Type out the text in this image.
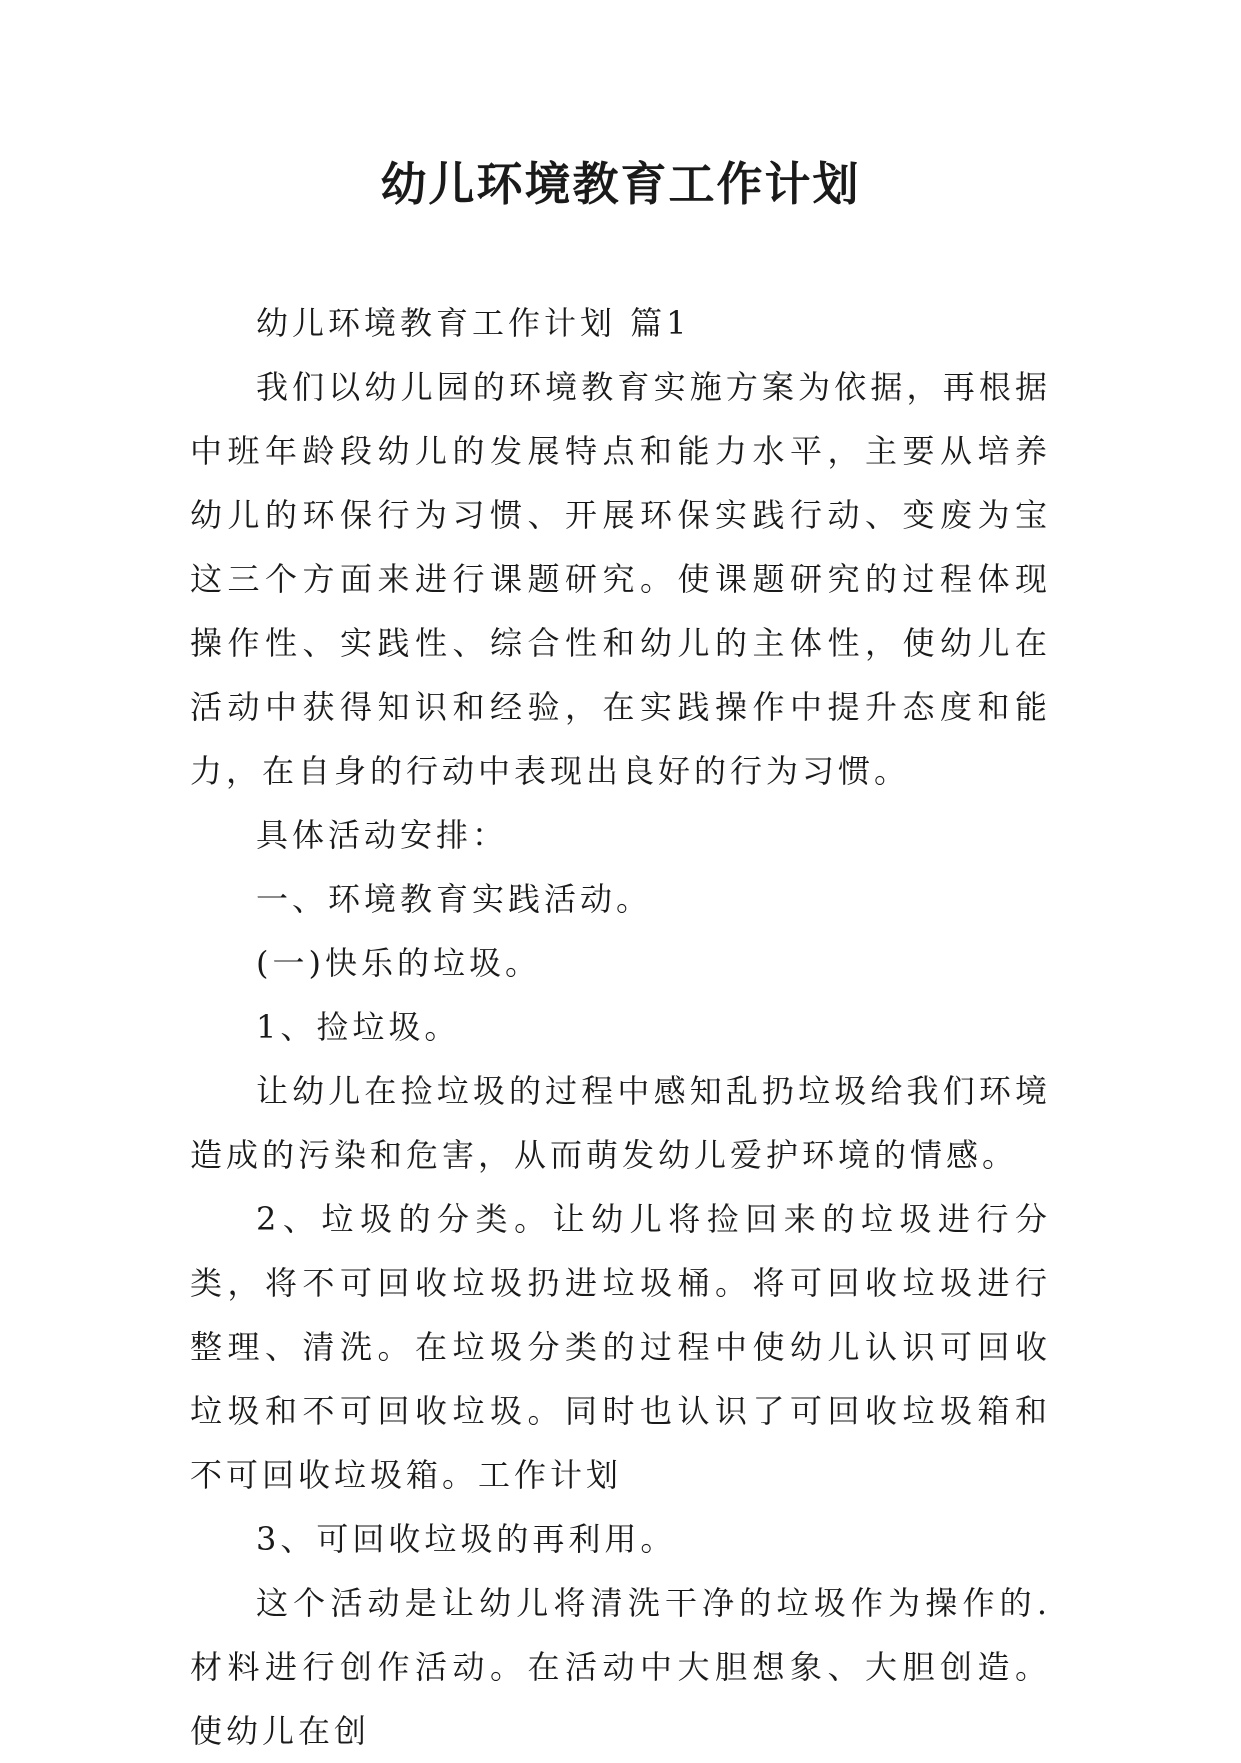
幼儿环境教育工作计划

幼儿环境教育工作计划 篇1

我们以幼儿园的环境教育实施方案为依据，再根据中班年龄段幼儿的发展特点和能力水平，主要从培养幼儿的环保行为习惯、开展环保实践行动、变废为宝这三个方面来进行课题研究。使课题研究的过程体现操作性、实践性、综合性和幼儿的主体性，使幼儿在活动中获得知识和经验，在实践操作中提升态度和能力，在自身的行动中表现出良好的行为习惯。

具体活动安排：

一、环境教育实践活动。

(一)快乐的垃圾。

1、捡垃圾。

让幼儿在捡垃圾的过程中感知乱扔垃圾给我们环境造成的污染和危害，从而萌发幼儿爱护环境的情感。

2、垃圾的分类。让幼儿将捡回来的垃圾进行分类，将不可回收垃圾扔进垃圾桶。将可回收垃圾进行整理、清洗。在垃圾分类的过程中使幼儿认识可回收垃圾和不可回收垃圾。同时也认识了可回收垃圾箱和不可回收垃圾箱。工作计划

3、可回收垃圾的再利用。

这个活动是让幼儿将清洗干净的垃圾作为操作的.材料进行创作活动。在活动中大胆想象、大胆创造。使幼儿在创
